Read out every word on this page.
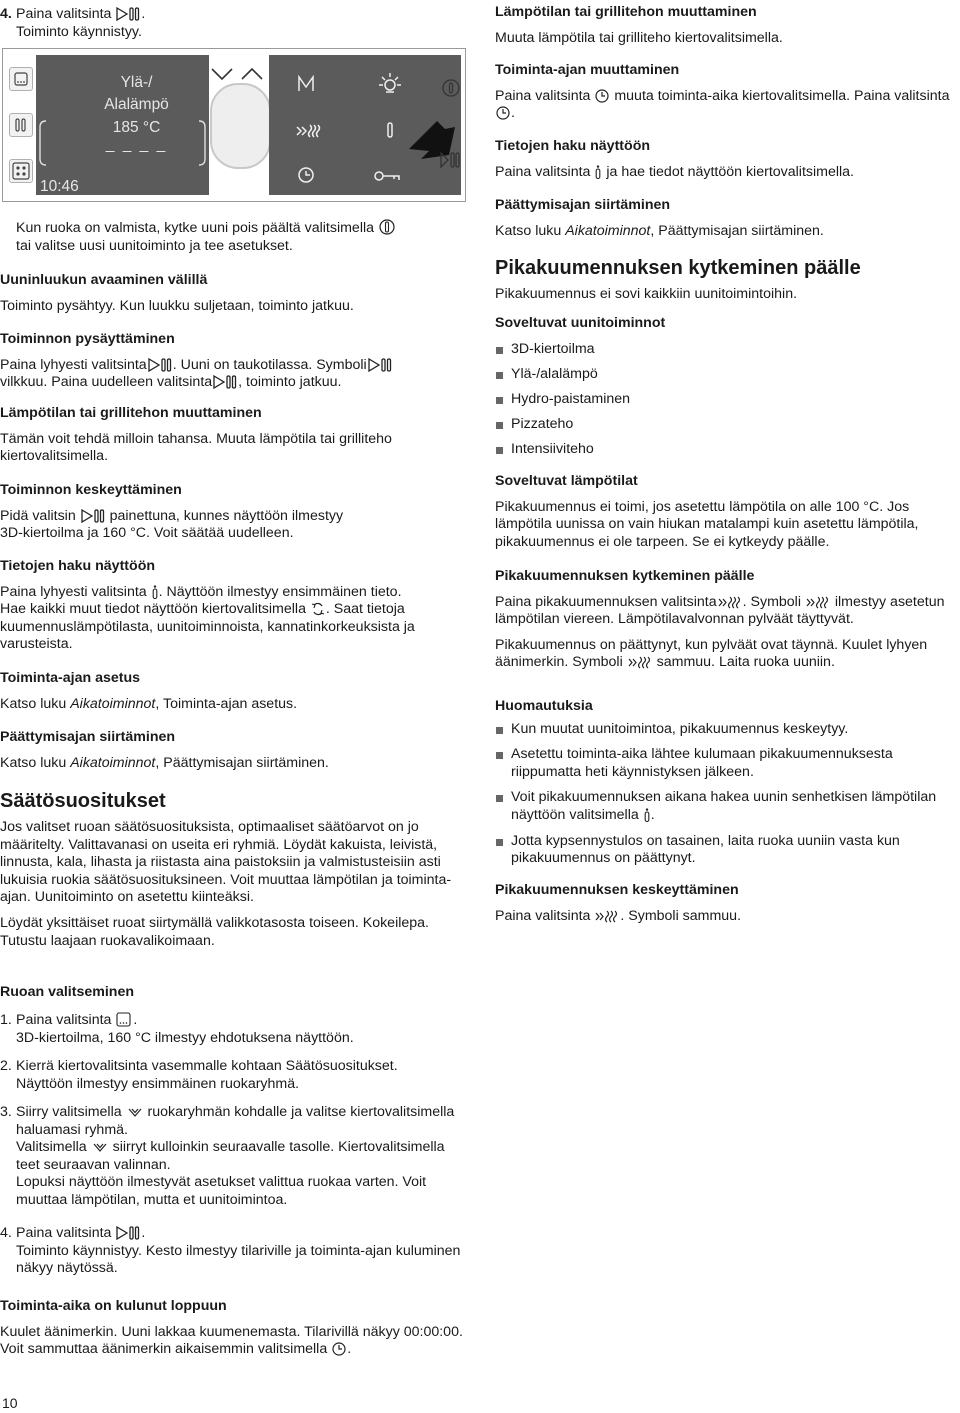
4. Paina valitsinta .

Toiminto käynnistyy.

Ylä-/
Alalämpö
185 °C
_ _ _ _
10:46

Kun ruoka on valmista, kytke uuni pois päältä valitsimella

tai valitse uusi uunitoiminto ja tee asetukset.

Uuninluukun avaaminen välillä

Toiminto pysähtyy. Kun luukku suljetaan, toiminto jatkuu.

Toiminnon pysäyttäminen

Paina lyhyesti valitsinta . Uuni on taukotilassa. Symboli

vilkkuu. Paina uudelleen valitsinta , toiminto jatkuu.

Lämpötilan tai grillitehon muuttaminen

Tämän voit tehdä milloin tahansa. Muuta lämpötila tai grilliteho kiertovalitsimella.

Toiminnon keskeyttäminen

Pidä valitsin painettuna, kunnes näyttöön ilmestyy
3D-kiertoilma ja 160 °C. Voit säätää uudelleen.

Tietojen haku näyttöön

Paina lyhyesti valitsinta . Näyttöön ilmestyy ensimmäinen tieto.
Hae kaikki muut tiedot näyttöön kiertovalitsimella . Saat tietoja kuumennuslämpötilasta, uunitoiminnoista, kannatinkorkeuksista ja varusteista.

Toiminta-ajan asetus

Katso luku Aikatoiminnot, Toiminta-ajan asetus.

Päättymisajan siirtäminen

Katso luku Aikatoiminnot, Päättymisajan siirtäminen.

Säätösuositukset

Jos valitset ruoan säätösuosituksista, optimaaliset säätöarvot on jo määritelty. Valittavanasi on useita eri ryhmiä. Löydät kakuista, leivistä, linnusta, kala, lihasta ja riistasta aina paistoksiin ja valmistusteisiin asti lukuisia ruokia säätösuosituksineen. Voit muuttaa lämpötilan ja toiminta-ajan. Uunitoiminto on asetettu kiinteäksi.

Löydät yksittäiset ruoat siirtymällä valikkotasosta toiseen. Kokeilepa. Tutustu laajaan ruokavalikoimaan.

Ruoan valitseminen

1. Paina valitsinta .

3D-kiertoilma, 160 °C ilmestyy ehdotuksena näyttöön.

2. Kierrä kiertovalitsinta vasemmalle kohtaan Säätösuositukset.

Näyttöön ilmestyy ensimmäinen ruokaryhmä.

3. Siirry valitsimella ruokaryhmän kohdalle ja valitse kiertovalitsimella haluamasi ryhmä.

Valitsimella siirryt kulloinkin seuraavalle tasolle. Kiertovalitsimella teet seuraavan valinnan.

Lopuksi näyttöön ilmestyvät asetukset valittua ruokaa varten. Voit muuttaa lämpötilan, mutta et uunitoimintoa.

4. Paina valitsinta .

Toiminto käynnistyy. Kesto ilmestyy tilariville ja toiminta-ajan kuluminen näkyy näytössä.

Toiminta-aika on kulunut loppuun

Kuulet äänimerkin. Uuni lakkaa kuumenemasta. Tilarivillä näkyy 00:00:00. Voit sammuttaa äänimerkin aikaisemmin valitsimella .

Lämpötilan tai grillitehon muuttaminen

Muuta lämpötila tai grilliteho kiertovalitsimella.

Toiminta-ajan muuttaminen

Paina valitsinta muuta toiminta-aika kiertovalitsimella. Paina valitsinta
.

Tietojen haku näyttöön

Paina valitsinta ja hae tiedot näyttöön kiertovalitsimella.

Päättymisajan siirtäminen

Katso luku Aikatoiminnot, Päättymisajan siirtäminen.

Pikakuumennuksen kytkeminen päälle

Pikakuumennus ei sovi kaikkiin uunitoimintoihin.

Soveltuvat uunitoiminnot

3D-kiertoilma

Ylä-/alalämpö

Hydro-paistaminen

Pizzateho

Intensiiviteho

Soveltuvat lämpötilat

Pikakuumennus ei toimi, jos asetettu lämpötila on alle 100 °C. Jos lämpötila uunissa on vain hiukan matalampi kuin asetettu lämpötila, pikakuumennus ei ole tarpeen. Se ei kytkeydy päälle.

Pikakuumennuksen kytkeminen päälle

Paina pikakuumennuksen valitsinta . Symboli ilmestyy asetetun lämpötilan viereen. Lämpötilavalvonnan pylväät täyttyvät.

Pikakuumennus on päättynyt, kun pylväät ovat täynnä. Kuulet lyhyen äänimerkin. Symboli sammuu. Laita ruoka uuniin.

Huomautuksia

Kun muutat uunitoimintoa, pikakuumennus keskeytyy.

Asetettu toiminta-aika lähtee kulumaan pikakuumennuksesta riippumatta heti käynnistyksen jälkeen.

Voit pikakuumennuksen aikana hakea uunin senhetkisen lämpötilan näyttöön valitsimella .

Jotta kypsennystulos on tasainen, laita ruoka uuniin vasta kun pikakuumennus on päättynyt.

Pikakuumennuksen keskeyttäminen

Paina valitsinta . Symboli sammuu.

10
